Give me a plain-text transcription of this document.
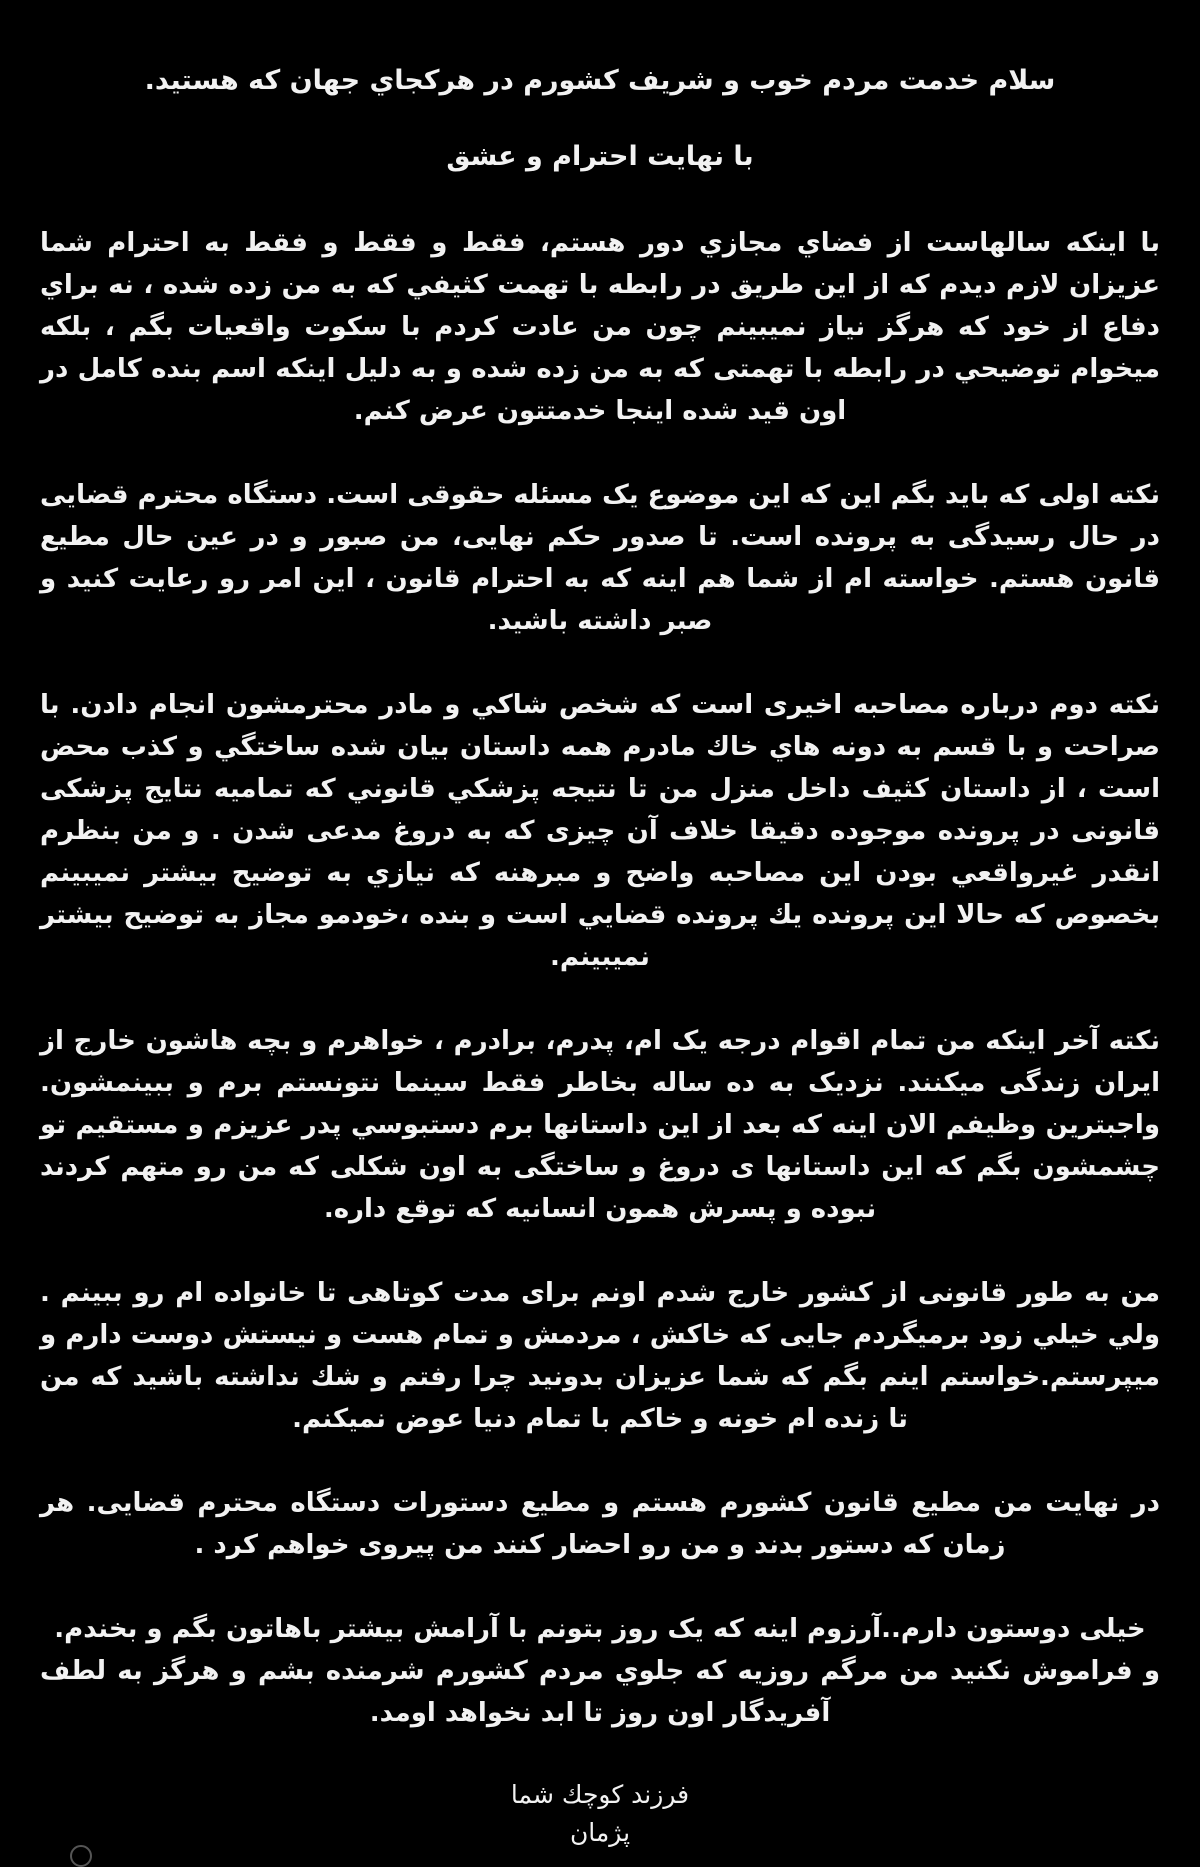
سلام خدمت مردم خوب و شريف كشورم در هركجاي جهان كه هستيد.
با نهايت احترام و عشق
با اينكه سالهاست از فضاي مجازي دور هستم، فقط و فقط و فقط به احترام شما عزيزان لازم ديدم كه از اين طريق در رابطه با تهمت كثيفي كه به من زده شده ، نه براي دفاع از خود كه هرگز نياز نميبينم چون من عادت كردم با سكوت واقعيات بگم ، بلكه ميخوام توضيحي در رابطه با تهمتی كه به من زده شده و به دليل اينكه اسم بنده كامل در اون قيد شده اينجا خدمتتون عرض كنم.
نكته اولی که بايد بگم اين كه اين موضوع يک مسئله حقوقی است. دستگاه محترم قضايی در حال رسيدگی به پرونده است. تا صدور حکم نهايی، من صبور و در عين حال مطيع قانون هستم. خواسته ام از شما هم اينه که به احترام قانون ، اين امر رو رعايت کنيد و صبر داشته باشيد.
نكته دوم درباره مصاحبه اخيری است که شخص شاكي و مادر محترمشون انجام دادن. با صراحت و با قسم به دونه هاي خاك مادرم همه داستان بيان شده ساختگي و كذب محض است ، از داستان كثيف داخل منزل من تا نتيجه پزشكي قانوني كه تماميه نتايج پزشکی قانونی در پرونده موجوده دقيقا خلاف آن چيزی که به دروغ مدعی شدن . و من بنظرم انقدر غيرواقعي بودن اين مصاحبه واضح و مبرهنه كه نيازي به توضيح بيشتر نميبينم بخصوص كه حالا اين پرونده يك پرونده قضايي است و بنده ،خودمو مجاز به توضيح بيشتر نميبينم.
نکته آخر اينکه من تمام اقوام درجه يک ام، پدرم، برادرم ، خواهرم و بچه هاشون خارج از ايران زندگی ميکنند. نزديک به ده ساله بخاطر فقط سينما نتونستم برم و ببينمشون. واجبترين وظيفم الان اينه که بعد از اين داستانها برم دستبوسي پدر عزيزم و مستقيم تو چشمشون بگم که اين داستانها ی دروغ و ساختگی به اون شکلی که من رو متهم کردند نبوده و پسرش همون انسانيه که توقع داره.
من به طور قانونی از کشور خارج شدم اونم برای مدت کوتاهی تا خانواده ام رو ببينم . ولي خيلي زود برميگردم جايی كه خاكش ، مردمش و تمام هست و نيستش دوست دارم و ميپرستم.خواستم اينم بگم كه شما عزيزان بدونيد چرا رفتم و شك نداشته باشيد كه من تا زنده ام خونه و خاكم با تمام دنيا عوض نميكنم.
در نهايت من مطيع قانون كشورم هستم و مطيع دستورات دستگاه محترم قضايی. هر زمان كه دستور بدند و من رو احضار كنند من پيروی خواهم كرد .
خيلی دوستون دارم..آرزوم اينه كه يک روز بتونم با آرامش بيشتر باهاتون بگم و بخندم.
و فراموش نكنيد من مرگم روزيه كه جلوي مردم كشورم شرمنده بشم و هرگز به لطف آفريدگار اون روز تا ابد نخواهد اومد.
فرزند كوچك شما
پژمان
